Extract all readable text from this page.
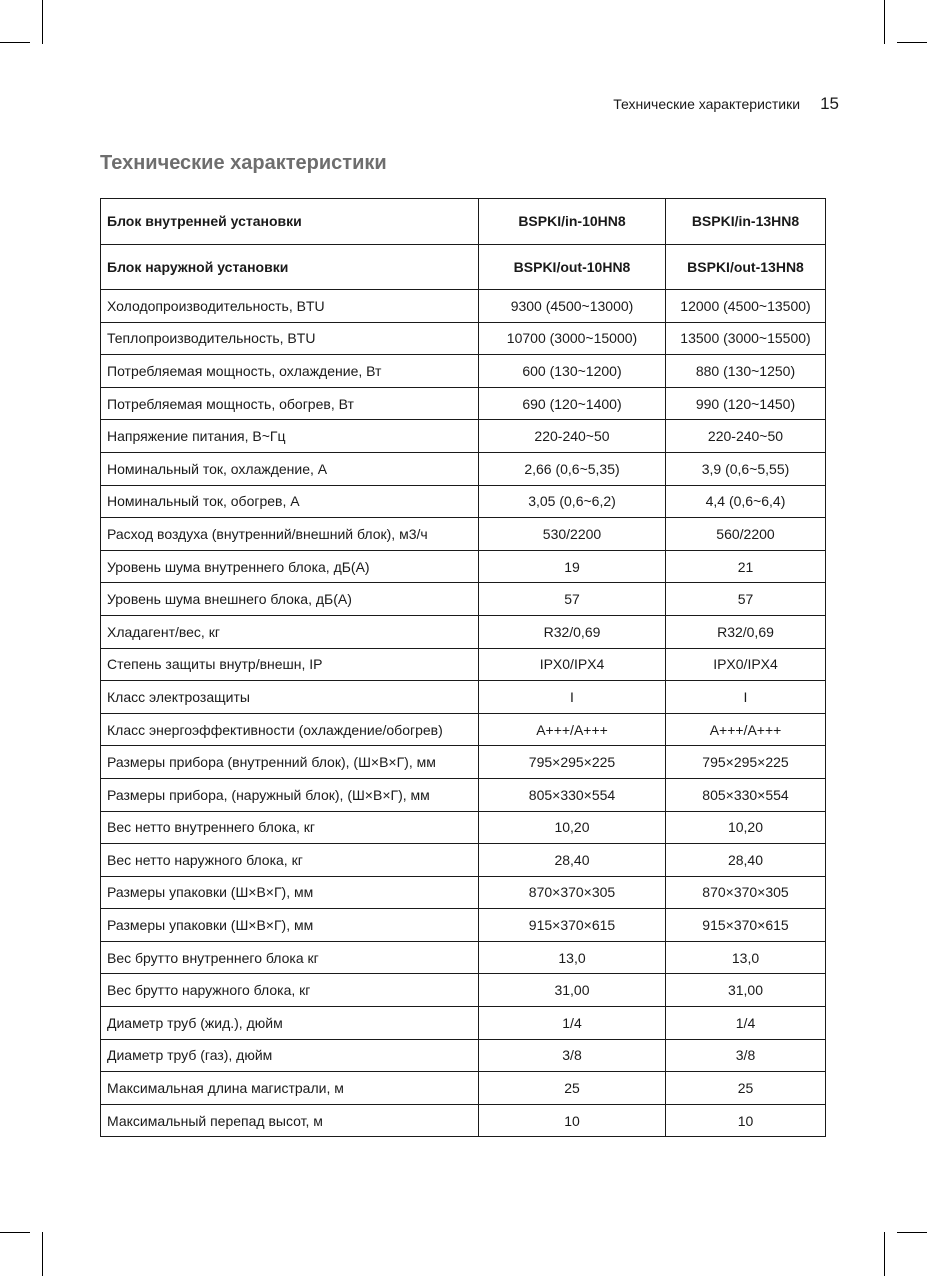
Технические характеристики 15
Технические характеристики
Блок внутренней установки	BSPKI/in-10HN8	BSPKI/in-13HN8
Блок наружной установки	BSPKI/out-10HN8	BSPKI/out-13HN8
Холодопроизводительность, BTU	9300 (4500~13000)	12000 (4500~13500)
Теплопроизводительность, BTU	10700 (3000~15000)	13500 (3000~15500)
Потребляемая мощность, охлаждение, Вт	600 (130~1200)	880 (130~1250)
Потребляемая мощность, обогрев, Вт	690 (120~1400)	990 (120~1450)
Напряжение питания, В~Гц	220-240~50	220-240~50
Номинальный ток, охлаждение, А	2,66 (0,6~5,35)	3,9 (0,6~5,55)
Номинальный ток, обогрев, А	3,05 (0,6~6,2)	4,4 (0,6~6,4)
Расход воздуха (внутренний/внешний блок), м3/ч	530/2200	560/2200
Уровень шума внутреннего блока, дБ(А)	19	21
Уровень шума внешнего блока, дБ(А)	57	57
Хладагент/вес, кг	R32/0,69	R32/0,69
Степень защиты внутр/внешн, IP	IPX0/IPX4	IPX0/IPX4
Класс электрозащиты	I	I
Класс энергоэффективности (охлаждение/обогрев)	A+++/A+++	A+++/A+++
Размеры прибора (внутренний блок), (Ш×В×Г), мм	795×295×225	795×295×225
Размеры прибора, (наружный блок), (Ш×В×Г), мм	805×330×554	805×330×554
Вес нетто внутреннего блока, кг	10,20	10,20
Вес нетто наружного блока, кг	28,40	28,40
Размеры упаковки (Ш×В×Г), мм	870×370×305	870×370×305
Размеры упаковки (Ш×В×Г), мм	915×370×615	915×370×615
Вес брутто внутреннего блока кг	13,0	13,0
Вес брутто наружного блока, кг	31,00	31,00
Диаметр труб (жид.), дюйм	1/4	1/4
Диаметр труб (газ), дюйм	3/8	3/8
Максимальная длина магистрали, м	25	25
Максимальный перепад высот, м	10	10
